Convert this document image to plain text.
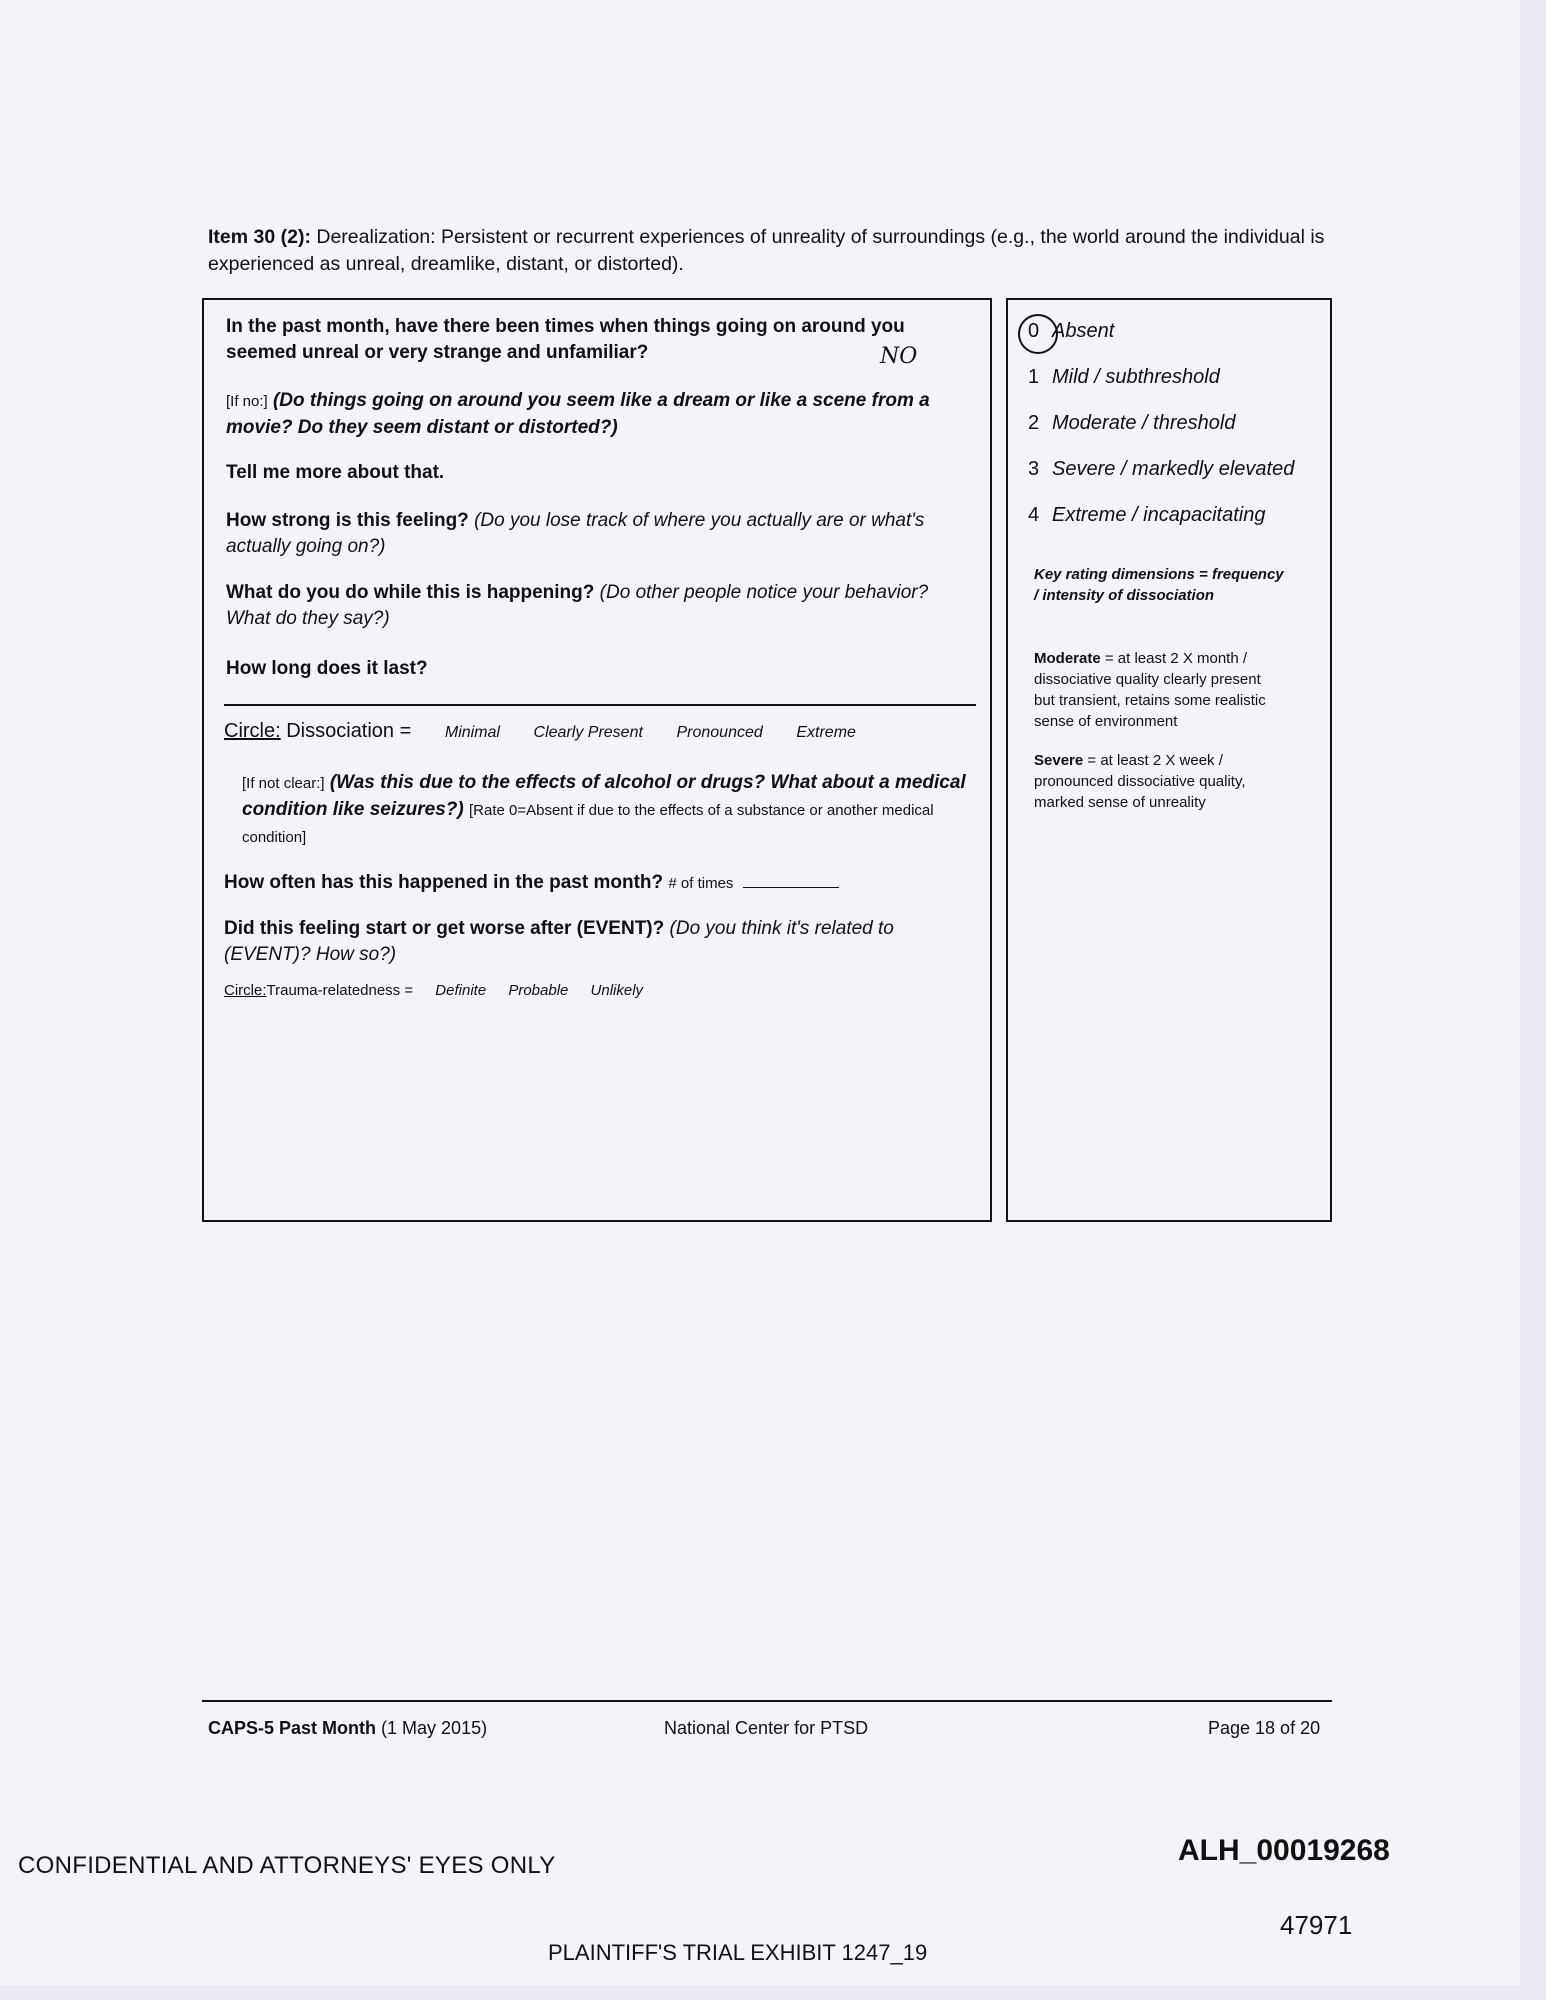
Item 30 (2): Derealization: Persistent or recurrent experiences of unreality of surroundings (e.g., the world around the individual is experienced as unreal, dreamlike, distant, or distorted).
In the past month, have there been times when things going on around you seemed unreal or very strange and unfamiliar?	NO
[If no:] (Do things going on around you seem like a dream or like a scene from a movie? Do they seem distant or distorted?)
Tell me more about that.
How strong is this feeling? (Do you lose track of where you actually are or what's actually going on?)
What do you do while this is happening? (Do other people notice your behavior? What do they say?)
How long does it last?
Circle: Dissociation = Minimal Clearly Present Pronounced Extreme
[If not clear:] (Was this due to the effects of alcohol or drugs? What about a medical condition like seizures?) [Rate 0=Absent if due to the effects of a substance or another medical condition]
How often has this happened in the past month? # of times
Did this feeling start or get worse after (EVENT)? (Do you think it's related to (EVENT)? How so?)
Circle:Trauma-relatedness = Definite Probable Unlikely
0 Absent
1 Mild / subthreshold
2 Moderate / threshold
3 Severe / markedly elevated
4 Extreme / incapacitating
Key rating dimensions = frequency / intensity of dissociation
Moderate = at least 2 X month / dissociative quality clearly present but transient, retains some realistic sense of environment
Severe = at least 2 X week / pronounced dissociative quality, marked sense of unreality
CAPS-5 Past Month (1 May 2015)	National Center for PTSD	Page 18 of 20
CONFIDENTIAL AND ATTORNEYS' EYES ONLY	ALH_00019268
47971
PLAINTIFF'S TRIAL EXHIBIT 1247_19
